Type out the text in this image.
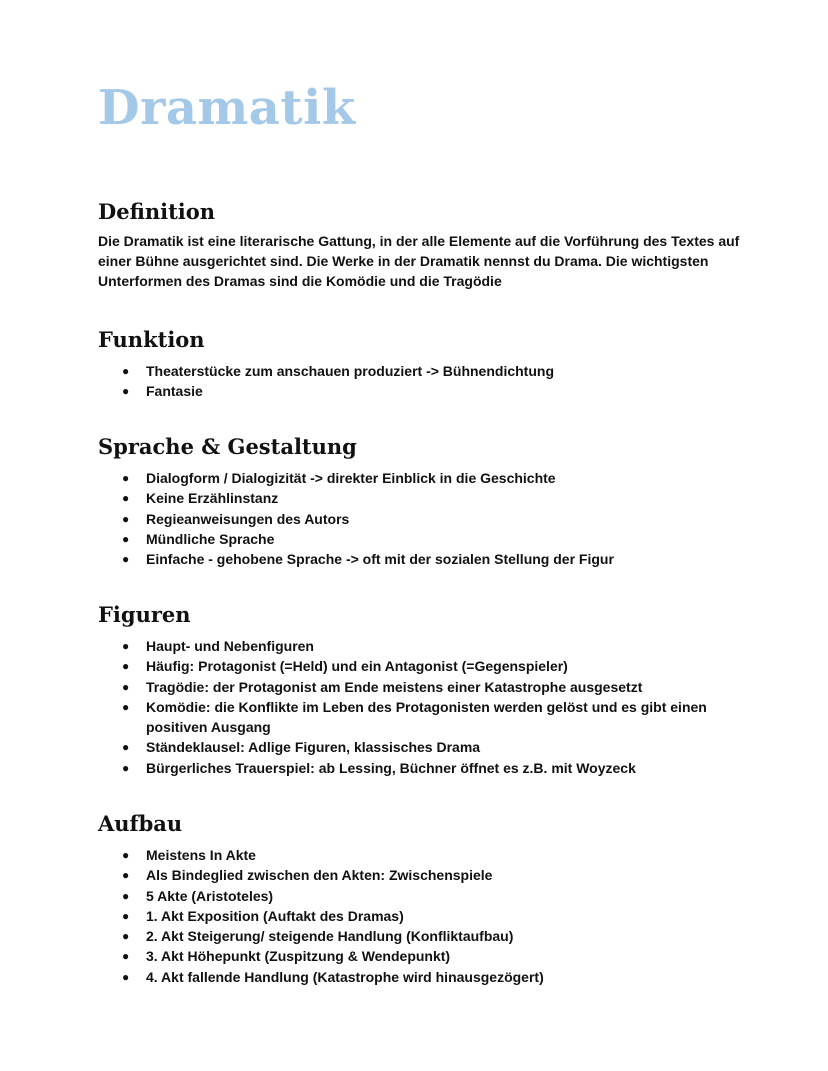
Dramatik
Definition

Die Dramatik ist eine literarische Gattung, in der alle Elemente auf die Vorführung des Textes auf einer Bühne ausgerichtet sind. Die Werke in der Dramatik nennst du Drama. Die wichtigsten Unterformen des Dramas sind die Komödie und die Tragödie

Funktion
● Theaterstücke zum anschauen produziert -> Bühnendichtung
● Fantasie
Sprache & Gestaltung
● Dialogform / Dialogizität -> direkter Einblick in die Geschichte
● Keine Erzählinstanz
● Regieanweisungen des Autors
● Mündliche Sprache
● Einfache - gehobene Sprache -> oft mit der sozialen Stellung der Figur
Figuren
● Haupt- und Nebenfiguren
● Häufig: Protagonist (=Held) und ein Antagonist (=Gegenspieler)
● Tragödie: der Protagonist am Ende meistens einer Katastrophe ausgesetzt
● Komödie: die Konflikte im Leben des Protagonisten werden gelöst und es gibt einen positiven Ausgang
● Ständeklausel: Adlige Figuren, klassisches Drama
● Bürgerliches Trauerspiel: ab Lessing, Büchner öffnet es z.B. mit Woyzeck
Aufbau
● Meistens In Akte
● Als Bindeglied zwischen den Akten: Zwischenspiele
● 5 Akte (Aristoteles)
● 1. Akt Exposition (Auftakt des Dramas)
● 2. Akt Steigerung/ steigende Handlung (Konfliktaufbau)
● 3. Akt Höhepunkt (Zuspitzung & Wendepunkt)
● 4. Akt fallende Handlung (Katastrophe wird hinausgezögert)
